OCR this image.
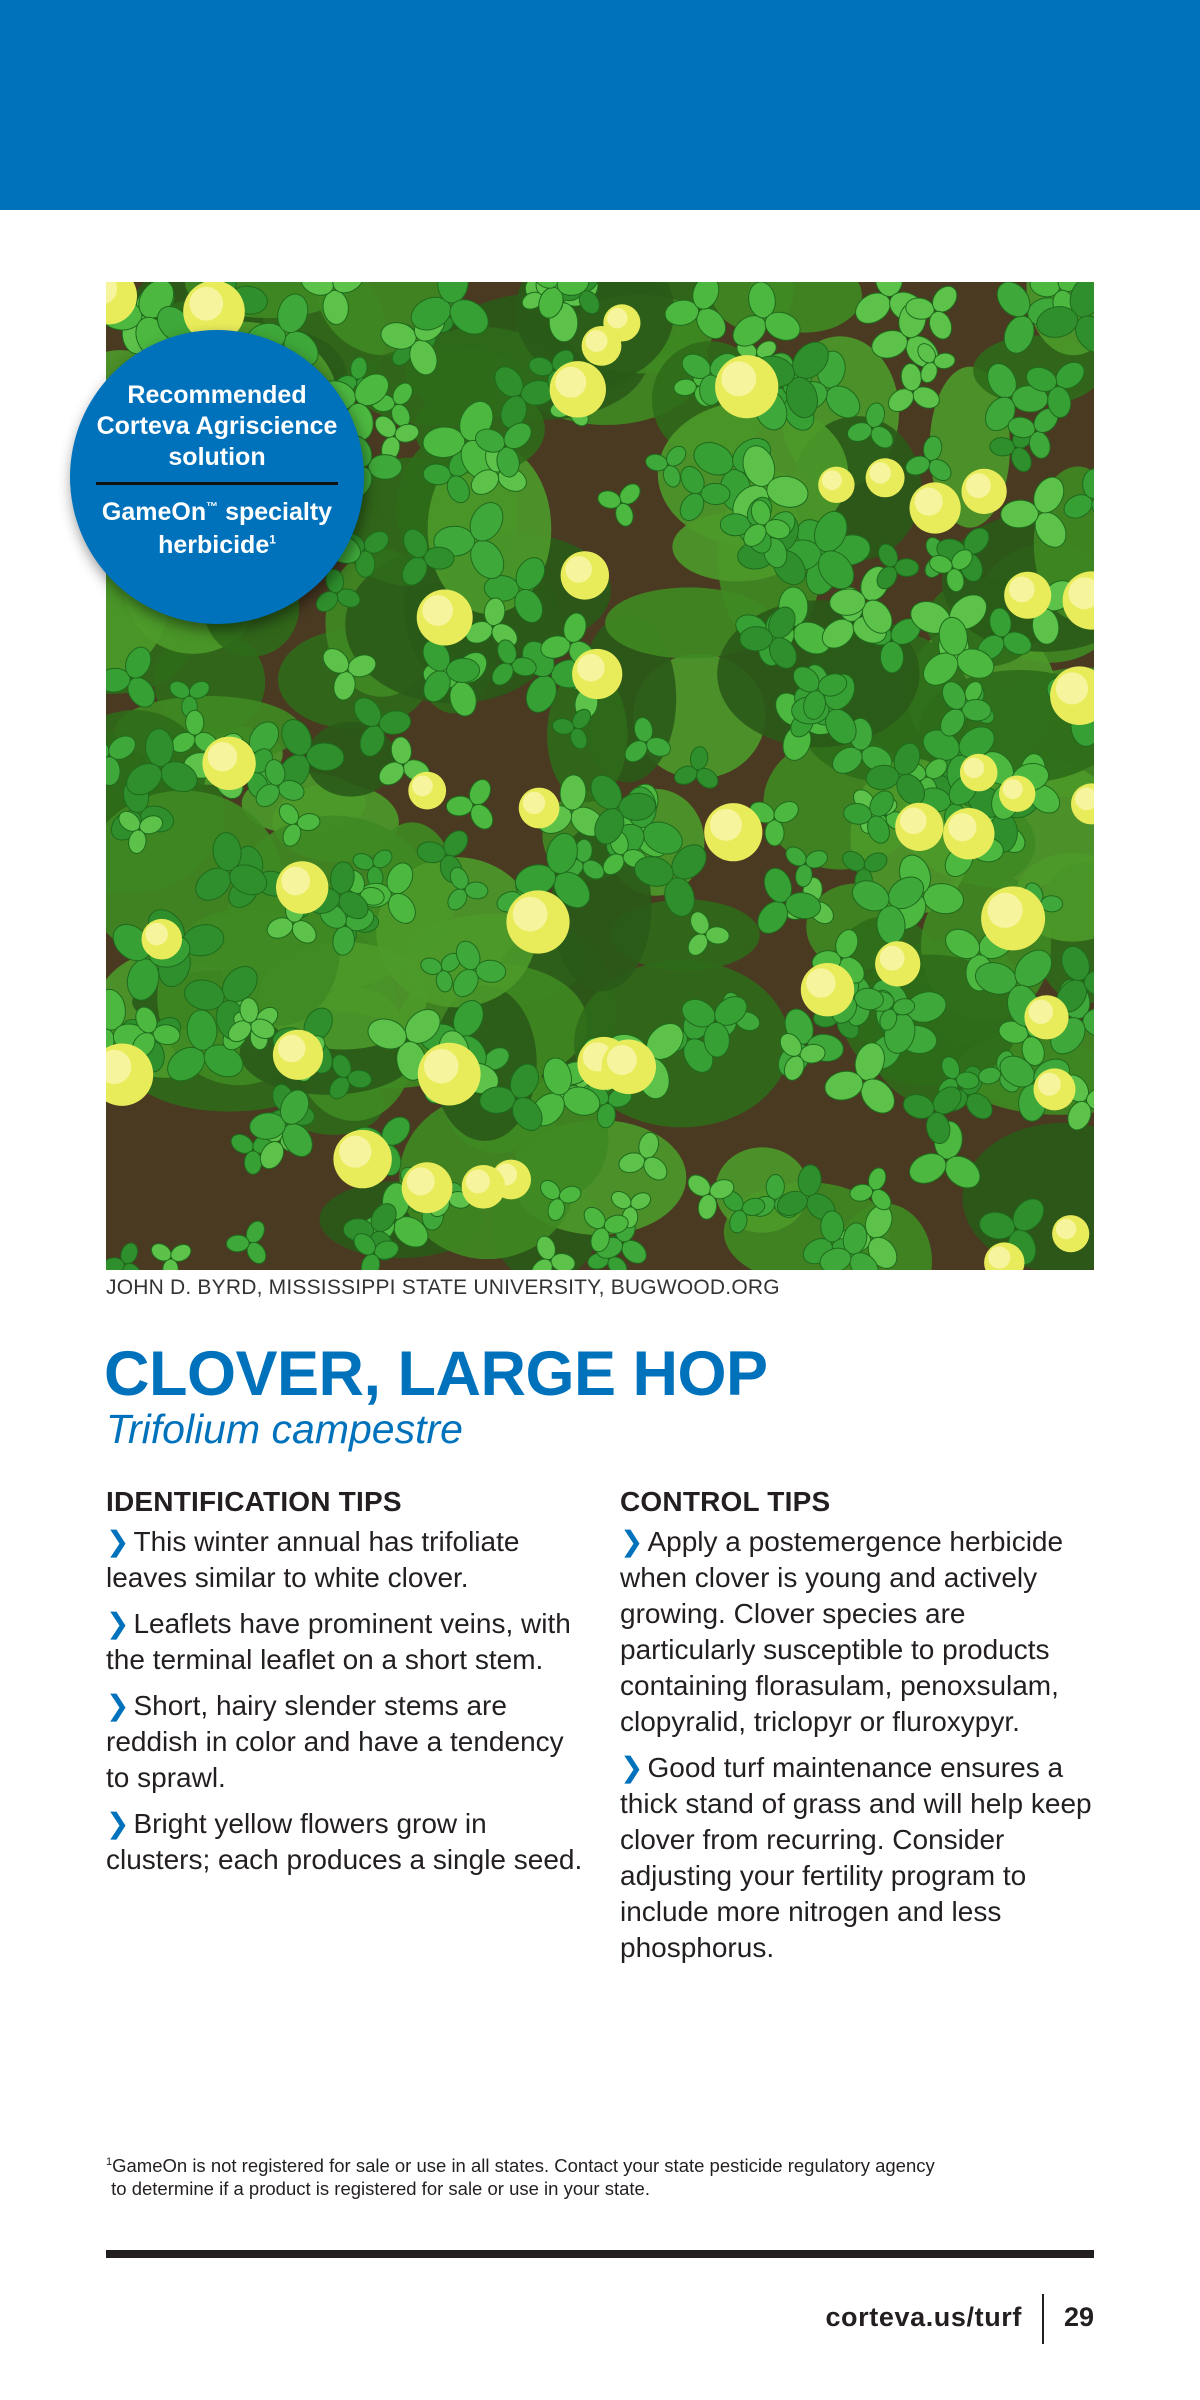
Recommended
Corteva Agriscience
solution
GameOn™ specialty
herbicide$^1$
JOHN D. BYRD, MISSISSIPPI STATE UNIVERSITY, BUGWOOD.ORG
CLOVER, LARGE HOP
Trifolium campestre
IDENTIFICATION TIPS

❯ This winter annual has trifoliate leaves similar to white clover.

❯ Leaflets have prominent veins, with the terminal leaflet on a short stem.

❯ Short, hairy slender stems are reddish in color and have a tendency to sprawl.

❯ Bright yellow flowers grow in clusters; each produces a single seed.

CONTROL TIPS

❯ Apply a postemergence herbicide when clover is young and actively growing. Clover species are particularly susceptible to products containing florasulam, penoxsulam, clopyralid, triclopyr or fluroxypyr.

❯ Good turf maintenance ensures a thick stand of grass and will help keep clover from recurring. Consider adjusting your fertility program to include more nitrogen and less phosphorus.

$^1$GameOn is not registered for sale or use in all states. Contact your state pesticide regulatory agency
to determine if a product is registered for sale or use in your state.
corteva.us/turf 29
